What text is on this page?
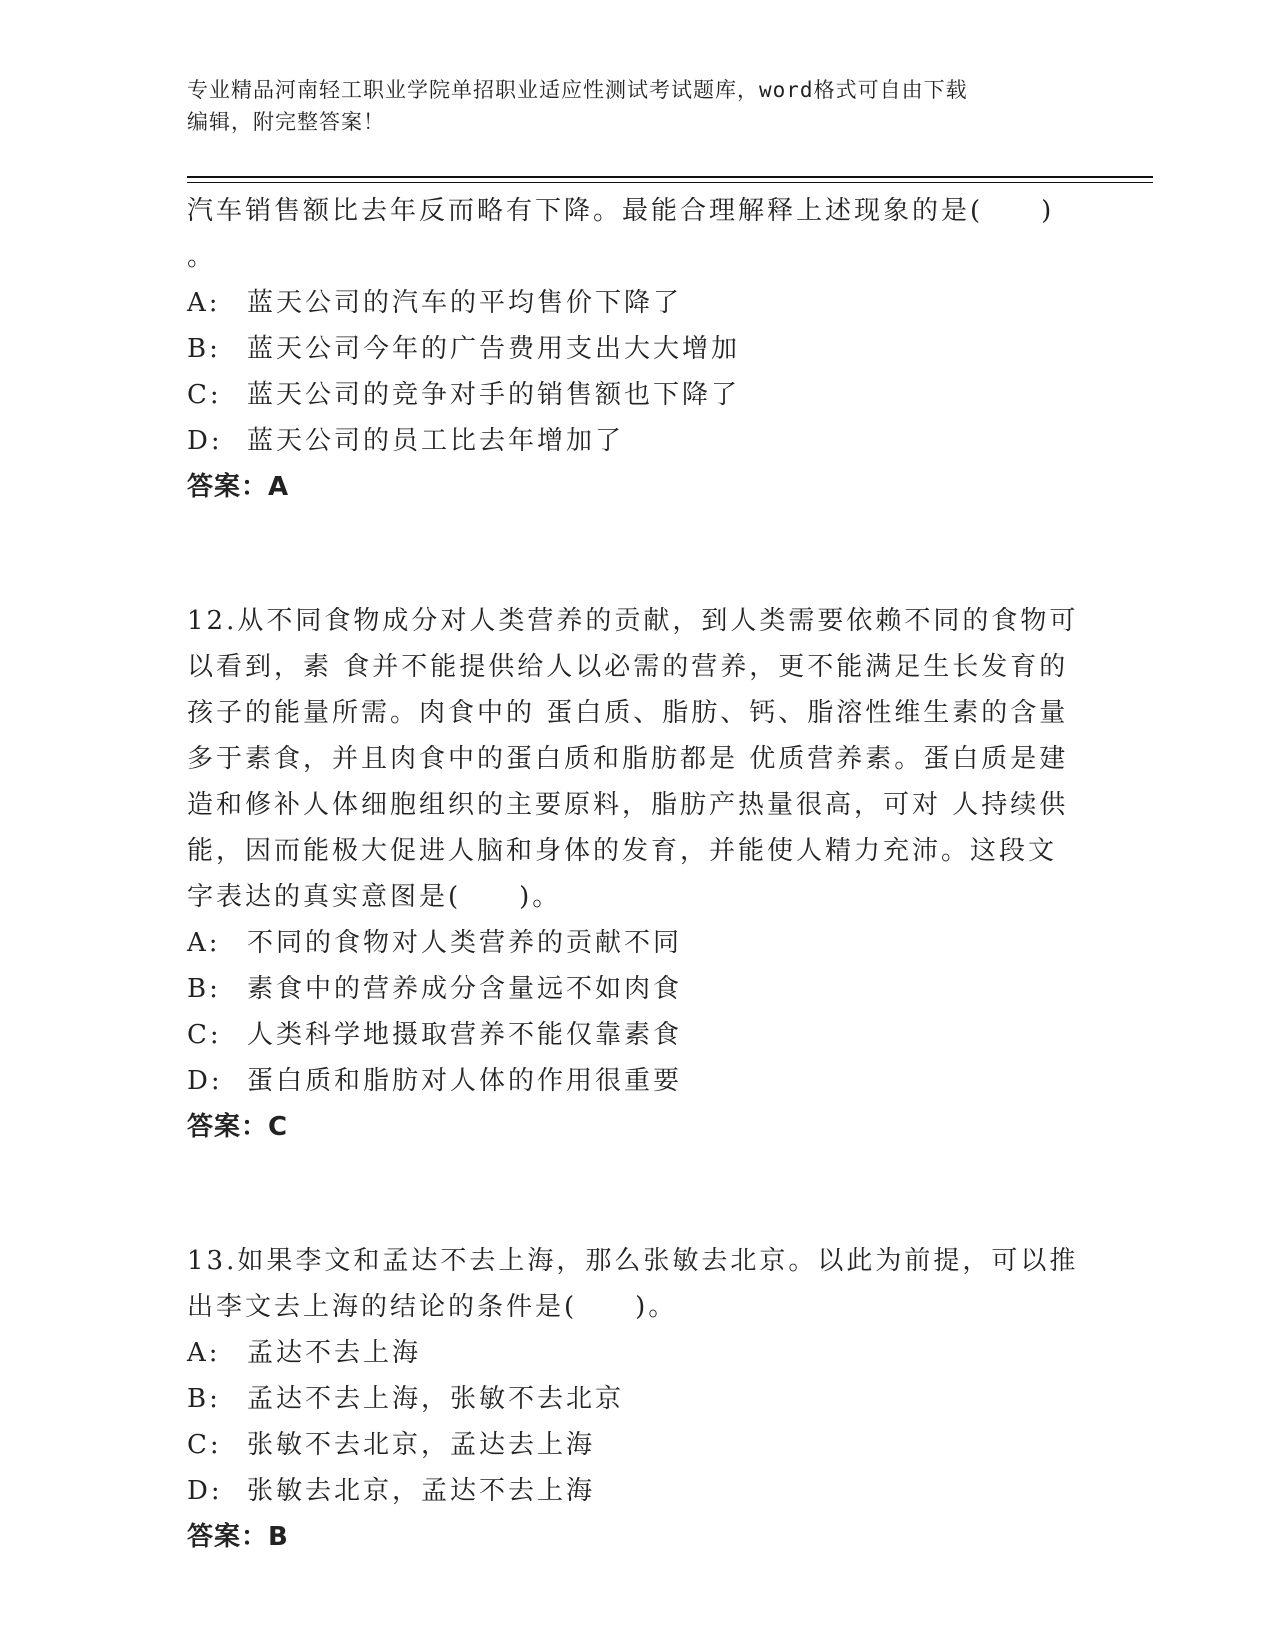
专业精品河南轻工职业学院单招职业适应性测试考试题库，word格式可自由下载
编辑，附完整答案！
汽车销售额比去年反而略有下降。最能合理解释上述现象的是(　　)
。
A:	蓝天公司的汽车的平均售价下降了
B:	蓝天公司今年的广告费用支出大大增加
C: 蓝天公司的竞争对手的销售额也下降了
D: 蓝天公司的员工比去年增加了
答案：A
12.从不同食物成分对人类营养的贡献，到人类需要依赖不同的食物可
以看到，素 食并不能提供给人以必需的营养，更不能满足生长发育的
孩子的能量所需。肉食中的 蛋白质、脂肪、钙、脂溶性维生素的含量
多于素食，并且肉食中的蛋白质和脂肪都是 优质营养素。蛋白质是建
造和修补人体细胞组织的主要原料，脂肪产热量很高，可对 人持续供
能，因而能极大促进人脑和身体的发育，并能使人精力充沛。这段文
字表达的真实意图是(　　)。
A:	不同的食物对人类营养的贡献不同
B:	素食中的营养成分含量远不如肉食
C: 人类科学地摄取营养不能仅靠素食
D: 蛋白质和脂肪对人体的作用很重要
答案：C
13.如果李文和孟达不去上海，那么张敏去北京。以此为前提，可以推
出李文去上海的结论的条件是(　　)。
A:	孟达不去上海
B:	孟达不去上海，张敏不去北京
C: 张敏不去北京，孟达去上海
D: 张敏去北京，孟达不去上海
答案：B
